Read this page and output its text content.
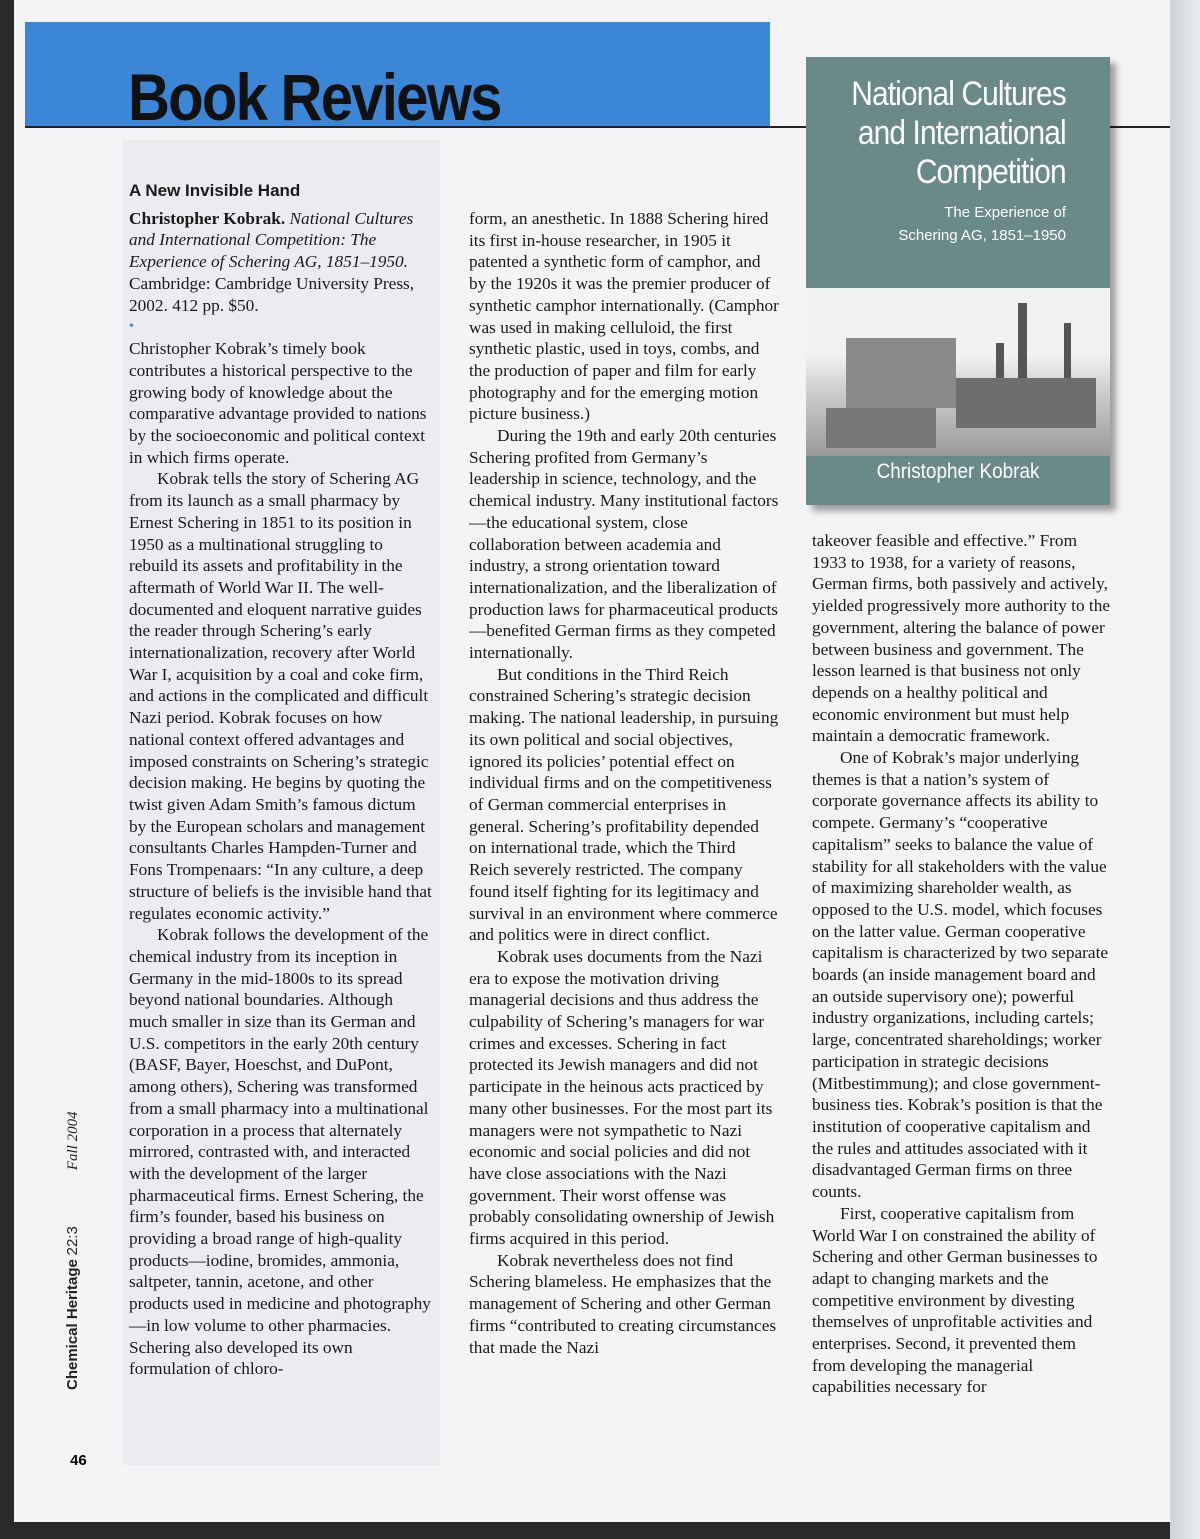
Book Reviews	National Cultures
and International
Competition
The Experience of
Schering AG, 1851–1950
Christopher Kobrak
A New Invisible Hand
Christopher Kobrak. National Cultures and International Competition: The Experience of Schering AG, 1851–1950. Cambridge: Cambridge University Press, 2002. 412 pp. $50.
•

Christopher Kobrak’s timely book contributes a historical perspective to the growing body of knowledge about the comparative advantage provided to nations by the socioeconomic and political context in which firms operate.

Kobrak tells the story of Schering AG from its launch as a small pharmacy by Ernest Schering in 1851 to its position in 1950 as a multinational struggling to rebuild its assets and profitability in the aftermath of World War II. The well-documented and eloquent narrative guides the reader through Schering’s early internationalization, recovery after World War I, acquisition by a coal and coke firm, and actions in the complicated and difficult Nazi period. Kobrak focuses on how national context offered advantages and imposed constraints on Schering’s strategic decision making. He begins by quoting the twist given Adam Smith’s famous dictum by the European scholars and management consultants Charles Hampden-Turner and Fons Trompenaars: “In any culture, a deep structure of beliefs is the invisible hand that regulates economic activity.”

Kobrak follows the development of the chemical industry from its inception in Germany in the mid-1800s to its spread beyond national boundaries. Although much smaller in size than its German and U.S. competitors in the early 20th century (BASF, Bayer, Hoeschst, and DuPont, among others), Schering was transformed from a small pharmacy into a multinational corporation in a process that alternately mirrored, contrasted with, and interacted with the development of the larger pharmaceutical firms. Ernest Schering, the firm’s founder, based his business on providing a broad range of high-quality products—iodine, bromides, ammonia, saltpeter, tannin, acetone, and other products used in medicine and photography—in low volume to other pharmacies. Schering also developed its own formulation of chloro-

form, an anesthetic. In 1888 Schering hired its first in-house researcher, in 1905 it patented a synthetic form of camphor, and by the 1920s it was the premier producer of synthetic camphor internationally. (Camphor was used in making celluloid, the first synthetic plastic, used in toys, combs, and the production of paper and film for early photography and for the emerging motion picture business.)

During the 19th and early 20th centuries Schering profited from Germany’s leadership in science, technology, and the chemical industry. Many institutional factors—the educational system, close collaboration between academia and industry, a strong orientation toward internationalization, and the liberalization of production laws for pharmaceutical products—benefited German firms as they competed internationally.

But conditions in the Third Reich constrained Schering’s strategic decision making. The national leadership, in pursuing its own political and social objectives, ignored its policies’ potential effect on individual firms and on the competitiveness of German commercial enterprises in general. Schering’s profitability depended on international trade, which the Third Reich severely restricted. The company found itself fighting for its legitimacy and survival in an environment where commerce and politics were in direct conflict.

Kobrak uses documents from the Nazi era to expose the motivation driving managerial decisions and thus address the culpability of Schering’s managers for war crimes and excesses. Schering in fact protected its Jewish managers and did not participate in the heinous acts practiced by many other businesses. For the most part its managers were not sympathetic to Nazi economic and social policies and did not have close associations with the Nazi government. Their worst offense was probably consolidating ownership of Jewish firms acquired in this period.

Kobrak nevertheless does not find Schering blameless. He emphasizes that the management of Schering and other German firms “contributed to creating circumstances that made the Nazi

takeover feasible and effective.” From 1933 to 1938, for a variety of reasons, German firms, both passively and actively, yielded progressively more authority to the government, altering the balance of power between business and government. The lesson learned is that business not only depends on a healthy political and economic environment but must help maintain a democratic framework.

One of Kobrak’s major underlying themes is that a nation’s system of corporate governance affects its ability to compete. Germany’s “cooperative capitalism” seeks to balance the value of stability for all stakeholders with the value of maximizing shareholder wealth, as opposed to the U.S. model, which focuses on the latter value. German cooperative capitalism is characterized by two separate boards (an inside management board and an outside supervisory one); powerful industry organizations, including cartels; large, concentrated shareholdings; worker participation in strategic decisions (Mitbestimmung); and close government-business ties. Kobrak’s position is that the institution of cooperative capitalism and the rules and attitudes associated with it disadvantaged German firms on three counts.

First, cooperative capitalism from World War I on constrained the ability of Schering and other German businesses to adapt to changing markets and the competitive environment by divesting themselves of unprofitable activities and enterprises. Second, it prevented them from developing the managerial capabilities necessary for

Chemical Heritage 22:3Fall 2004
46
